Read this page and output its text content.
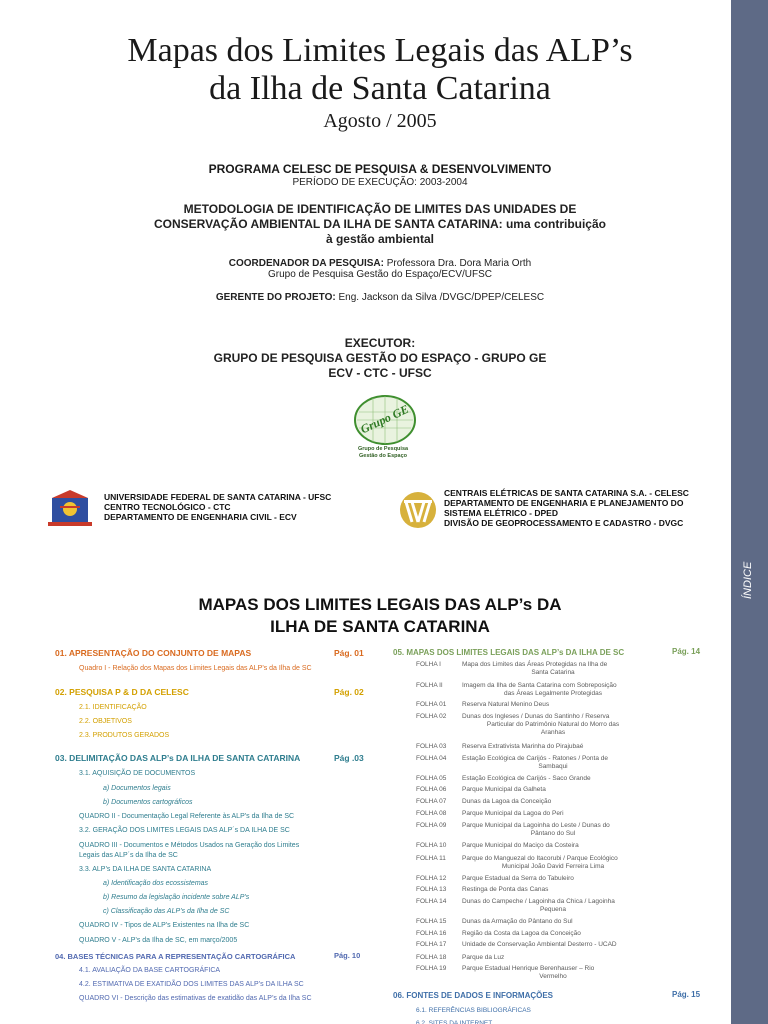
ÍNDICE
Mapas dos Limites Legais das ALP’s
da Ilha de Santa Catarina
Agosto / 2005
PROGRAMA CELESC DE PESQUISA & DESENVOLVIMENTO
PERÍODO DE EXECUÇÃO: 2003-2004
METODOLOGIA DE IDENTIFICAÇÃO DE LIMITES DAS UNIDADES DE
CONSERVAÇÃO AMBIENTAL DA ILHA DE SANTA CATARINA: uma contribuição
à gestão ambiental
COORDENADOR DA PESQUISA: Professora Dra. Dora Maria Orth
Grupo de Pesquisa Gestão do Espaço/ECV/UFSC
GERENTE DO PROJETO: Eng. Jackson da Silva /DVGC/DPEP/CELESC
EXECUTOR:
GRUPO DE PESQUISA GESTÃO DO ESPAÇO - GRUPO GE
ECV - CTC - UFSC
Grupo GE
Grupo de Pesquisa
Gestão do Espaço
UNIVERSIDADE FEDERAL DE SANTA CATARINA - UFSC
CENTRO TECNOLÓGICO - CTC
DEPARTAMENTO DE ENGENHARIA CIVIL - ECV
CENTRAIS ELÉTRICAS DE SANTA CATARINA S.A. - CELESC
DEPARTAMENTO DE ENGENHARIA E PLANEJAMENTO DO
SISTEMA ELÉTRICO - DPED
DIVISÃO DE GEOPROCESSAMENTO E CADASTRO - DVGC
MAPAS DOS LIMITES LEGAIS DAS ALP’s DA
ILHA DE SANTA CATARINA
01. APRESENTAÇÃO DO CONJUNTO DE MAPAS	Pág. 01
Quadro I - Relação dos Mapas dos Limites Legais das ALP’s da Ilha de SC
02. PESQUISA P & D DA CELESC	Pág. 02
2.1. IDENTIFICAÇÃO
2.2. OBJETIVOS
2.3. PRODUTOS GERADOS
03. DELIMITAÇÃO DAS ALP’s DA ILHA DE SANTA CATARINA	Pág .03
3.1. AQUISIÇÃO DE DOCUMENTOS
a) Documentos legais
b) Documentos cartográficos
QUADRO II - Documentação Legal Referente às ALP’s da Ilha de SC
3.2. GERAÇÃO DOS LIMITES LEGAIS DAS ALP´s DA ILHA DE SC
QUADRO III - Documentos e Métodos Usados na Geração dos Limites
Legais das ALP´s da Ilha de SC
3.3. ALP’s DA ILHA DE SANTA CATARINA
a) Identificação dos ecossistemas
b) Resumo da legislação incidente sobre ALP’s
c) Classificação das ALP’s da Ilha de SC
QUADRO IV - Tipos de ALP’s Existentes na Ilha de SC
QUADRO V - ALP’s da Ilha de SC, em março/2005
04. BASES TÉCNICAS PARA A REPRESENTAÇÃO CARTOGRÁFICA	Pág. 10
4.1. AVALIAÇÃO DA BASE CARTOGRÁFICA
4.2. ESTIMATIVA DE EXATIDÃO DOS LIMITES DAS ALP’s DA ILHA SC
QUADRO VI - Descrição das estimativas de exatidão das ALP’s da Ilha SC
05. MAPAS DOS LIMITES LEGAIS DAS ALP’s DA ILHA DE SC	Pág. 14
FOLHA I	Mapa dos Limites das Áreas Protegidas na Ilha de
Santa Catarina
FOLHA II	Imagem da Ilha de Santa Catarina com Sobreposição
das Áreas Legalmente Protegidas
FOLHA 01	Reserva Natural Menino Deus
FOLHA 02	Dunas dos Ingleses / Dunas do Santinho / Reserva
Particular do Patrimônio Natural do Morro das
Aranhas
FOLHA 03	Reserva Extrativista Marinha do Pirajubaé
FOLHA 04	Estação Ecológica de Carijós - Ratones / Ponta de
Sambaqui
FOLHA 05	Estação Ecológica de Carijós - Saco Grande
FOLHA 06	Parque Municipal da Galheta
FOLHA 07	Dunas da Lagoa da Conceição
FOLHA 08	Parque Municipal da Lagoa do Peri
FOLHA 09	Parque Municipal da Lagoinha do Leste / Dunas do
Pântano do Sul
FOLHA 10	Parque Municipal do Maciço da Costeira
FOLHA 11	Parque do Manguezal do Itacorubi / Parque Ecológico
Municipal João David Ferreira Lima
FOLHA 12	Parque Estadual da Serra do Tabuleiro
FOLHA 13	Restinga de Ponta das Canas
FOLHA 14	Dunas do Campeche / Lagoinha da Chica / Lagoinha
Pequena
FOLHA 15	Dunas da Armação do Pântano do Sul
FOLHA 16	Região da Costa da Lagoa da Conceição
FOLHA 17	Unidade de Conservação Ambiental Desterro - UCAD
FOLHA 18	Parque da Luz
FOLHA 19	Parque Estadual Henrique Berenhauser – Rio
Vermelho
06. FONTES DE DADOS E INFORMAÇÕES	Pág. 15
6.1. REFERÊNCIAS BIBLIOGRÁFICAS
6.2. SITES DA INTERNET
